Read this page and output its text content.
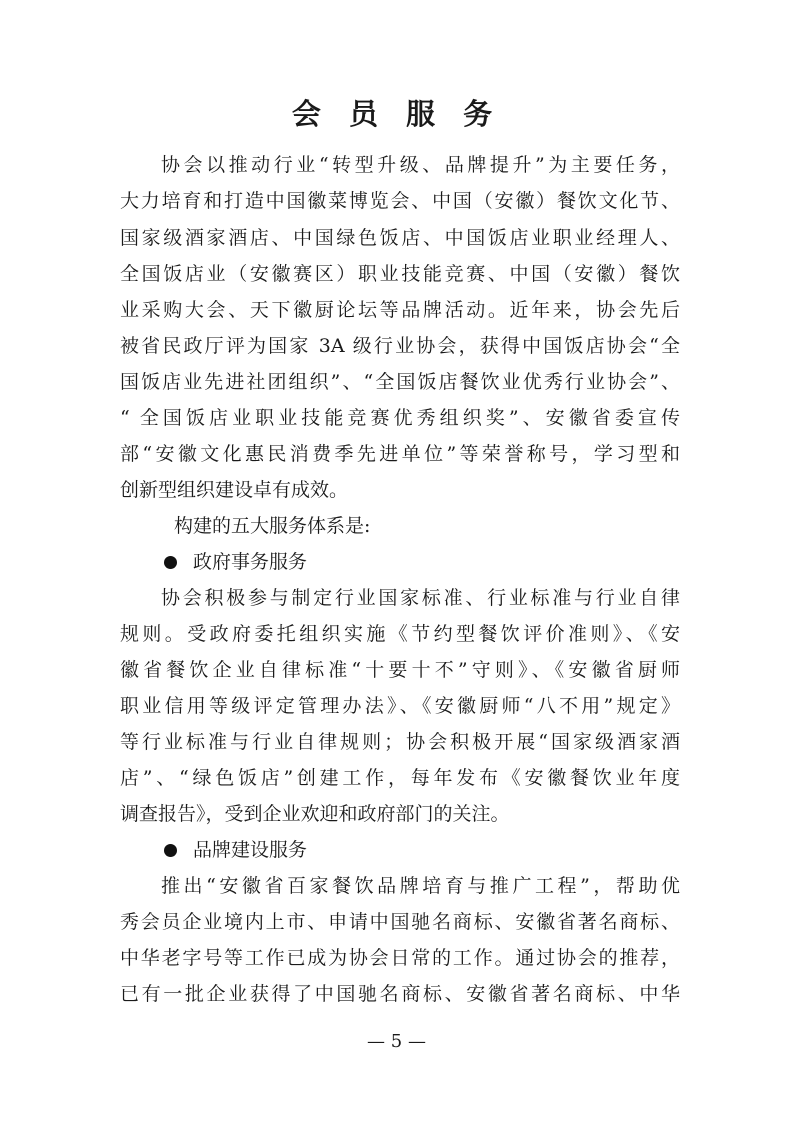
会 员 服 务
协会以推动行业“转型升级、品牌提升”为主要任务，
大力培育和打造中国徽菜博览会、中国（安徽）餐饮文化节、
国家级酒家酒店、中国绿色饭店、中国饭店业职业经理人、
全国饭店业（安徽赛区）职业技能竞赛、中国（安徽）餐饮
业采购大会、天下徽厨论坛等品牌活动。近年来，协会先后
被省民政厅评为国家 3A 级行业协会，获得中国饭店协会“全
国饭店业先进社团组织”、“全国饭店餐饮业优秀行业协会”、
“ 全国饭店业职业技能竞赛优秀组织奖”、安徽省委宣传
部“安徽文化惠民消费季先进单位”等荣誉称号，学习型和
创新型组织建设卓有成效。
构建的五大服务体系是:
政府事务服务
协会积极参与制定行业国家标准、行业标准与行业自律
规则。受政府委托组织实施《节约型餐饮评价准则》、《安
徽省餐饮企业自律标准“十要十不”守则》、《安徽省厨师
职业信用等级评定管理办法》、《安徽厨师“八不用”规定》
等行业标准与行业自律规则；协会积极开展“国家级酒家酒
店”、“绿色饭店”创建工作，每年发布《安徽餐饮业年度
调查报告》，受到企业欢迎和政府部门的关注。
品牌建设服务
推出“安徽省百家餐饮品牌培育与推广工程”，帮助优
秀会员企业境内上市、申请中国驰名商标、安徽省著名商标、
中华老字号等工作已成为协会日常的工作。通过协会的推荐，
已有一批企业获得了中国驰名商标、安徽省著名商标、中华
— 5 —
